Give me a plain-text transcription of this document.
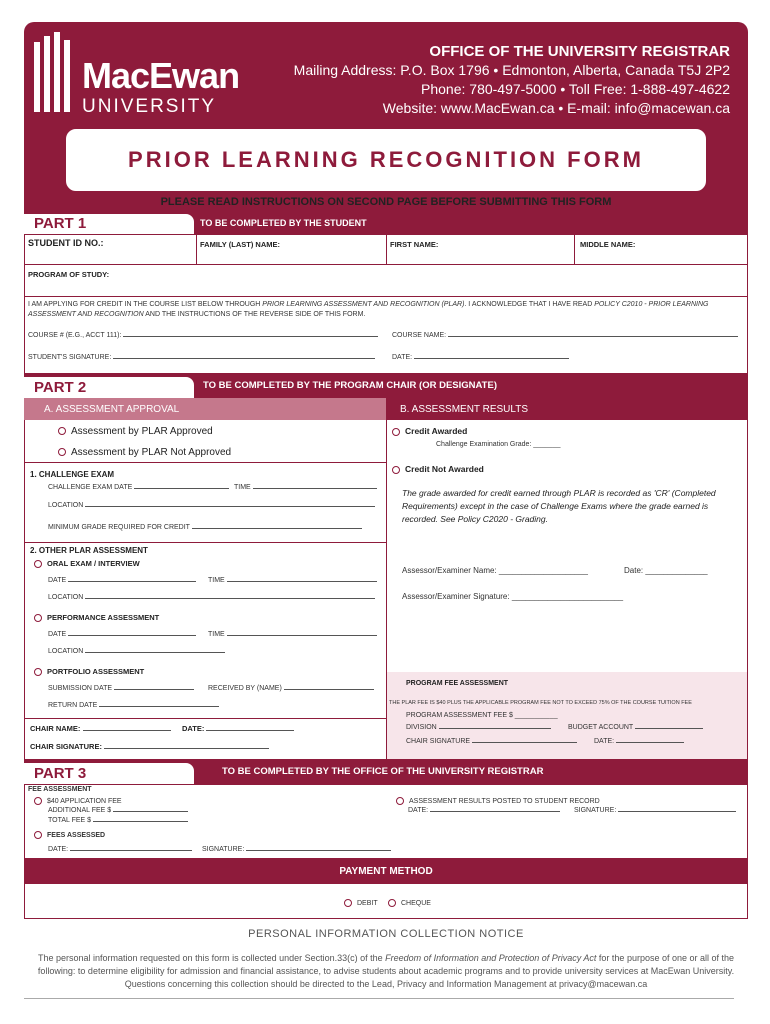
MacEwan
UNIVERSITY
OFFICE OF THE UNIVERSITY REGISTRAR
Mailing Address: P.O. Box 1796 • Edmonton, Alberta, Canada T5J 2P2
Phone: 780-497-5000 • Toll Free: 1-888-497-4622
Website: www.MacEwan.ca • E-mail: info@macewan.ca
PRIOR LEARNING RECOGNITION FORM
PLEASE READ INSTRUCTIONS ON SECOND PAGE BEFORE SUBMITTING THIS FORM
PART 1	TO BE COMPLETED BY THE STUDENT
STUDENT ID NO.:	FAMILY (LAST) NAME:	FIRST NAME:	MIDDLE NAME:
PROGRAM OF STUDY:
I AM APPLYING FOR CREDIT IN THE COURSE LIST BELOW THROUGH PRIOR LEARNING ASSESSMENT AND RECOGNITION (PLAR). I ACKNOWLEDGE THAT I HAVE READ POLICY C2010 - PRIOR LEARNING ASSESSMENT AND RECOGNITION AND THE INSTRUCTIONS OF THE REVERSE SIDE OF THIS FORM.
COURSE # (E.G., ACCT 111):	COURSE NAME:
STUDENT'S SIGNATURE:	DATE:
PART 2	TO BE COMPLETED BY THE PROGRAM CHAIR (OR DESIGNATE)
A. ASSESSMENT APPROVAL	B. ASSESSMENT RESULTS
Assessment by PLAR Approved
Assessment by PLAR Not Approved
1. CHALLENGE EXAM
CHALLENGE EXAM DATE	TIME
LOCATION
MINIMUM GRADE REQUIRED FOR CREDIT
2. OTHER PLAR ASSESSMENT
ORAL EXAM / INTERVIEW
DATE	TIME
LOCATION
PERFORMANCE ASSESSMENT
DATE	TIME
LOCATION
PORTFOLIO ASSESSMENT
SUBMISSION DATE	RECEIVED BY (NAME)
RETURN DATE
CHAIR NAME:	DATE:
CHAIR SIGNATURE:
Credit Awarded
Challenge Examination Grade: _______
Credit Not Awarded
The grade awarded for credit earned through PLAR is recorded as 'CR' (Completed Requirements) except in the case of Challenge Exams where the grade earned is recorded. See Policy C2020 - Grading.
Assessor/Examiner Name: ____________________	Date: ______________
Assessor/Examiner Signature: _________________________
PROGRAM FEE ASSESSMENT
THE PLAR FEE IS $40 PLUS THE APPLICABLE PROGRAM FEE NOT TO EXCEED 75% OF THE COURSE TUITION FEE
PROGRAM ASSESSMENT FEE $ ___________
DIVISION	BUDGET ACCOUNT
CHAIR SIGNATURE	DATE:
PART 3	TO BE COMPLETED BY THE OFFICE OF THE UNIVERSITY REGISTRAR
FEE ASSESSMENT
$40 APPLICATION FEE
ADDITIONAL FEE $
TOTAL FEE $
ASSESSMENT RESULTS POSTED TO STUDENT RECORD
DATE:	SIGNATURE:
FEES ASSESSED
DATE:	SIGNATURE:
PAYMENT METHOD
DEBIT	CHEQUE
PERSONAL INFORMATION COLLECTION NOTICE
The personal information requested on this form is collected under Section.33(c) of the Freedom of Information and Protection of Privacy Act for the purpose of one or all of the following: to determine eligibility for admission and financial assistance, to advise students about academic programs and to provide university services at MacEwan University. Questions concerning this collection should be directed to the Lead, Privacy and Information Management at privacy@macewan.ca
